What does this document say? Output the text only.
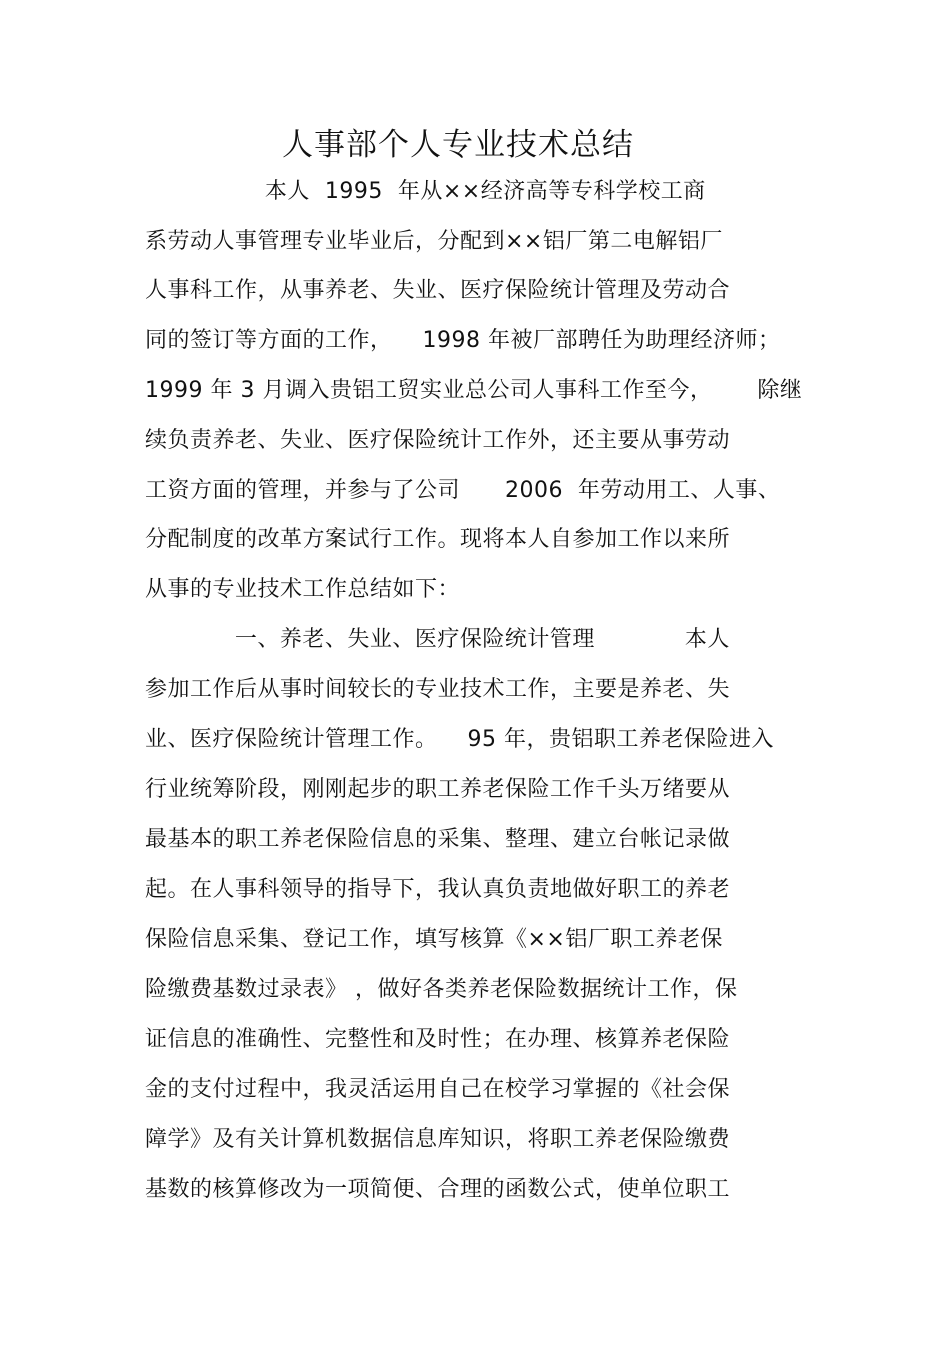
人事部个人专业技术总结
本人  1995  年从××经济高等专科学校工商
系劳动人事管理专业毕业后，分配到××铝厂第二电解铝厂
人事科工作，从事养老、失业、医疗保险统计管理及劳动合
同的签订等方面的工作，    1998 年被厂部聘任为助理经济师；
1999 年 3 月调入贵铝工贸实业总公司人事科工作至今，      除继
续负责养老、失业、医疗保险统计工作外，还主要从事劳动
工资方面的管理，并参与了公司      2006  年劳动用工、人事、
分配制度的改革方案试行工作。现将本人自参加工作以来所
从事的专业技术工作总结如下：
一、养老、失业、医疗保险统计管理            本人
参加工作后从事时间较长的专业技术工作，主要是养老、失
业、医疗保险统计管理工作。    95 年，贵铝职工养老保险进入
行业统筹阶段，刚刚起步的职工养老保险工作千头万绪要从
最基本的职工养老保险信息的采集、整理、建立台帐记录做
起。在人事科领导的指导下，我认真负责地做好职工的养老
保险信息采集、登记工作，填写核算《××铝厂职工养老保
险缴费基数过录表》 ，做好各类养老保险数据统计工作，保
证信息的准确性、完整性和及时性；在办理、核算养老保险
金的支付过程中，我灵活运用自己在校学习掌握的《社会保
障学》及有关计算机数据信息库知识，将职工养老保险缴费
基数的核算修改为一项简便、合理的函数公式，使单位职工
